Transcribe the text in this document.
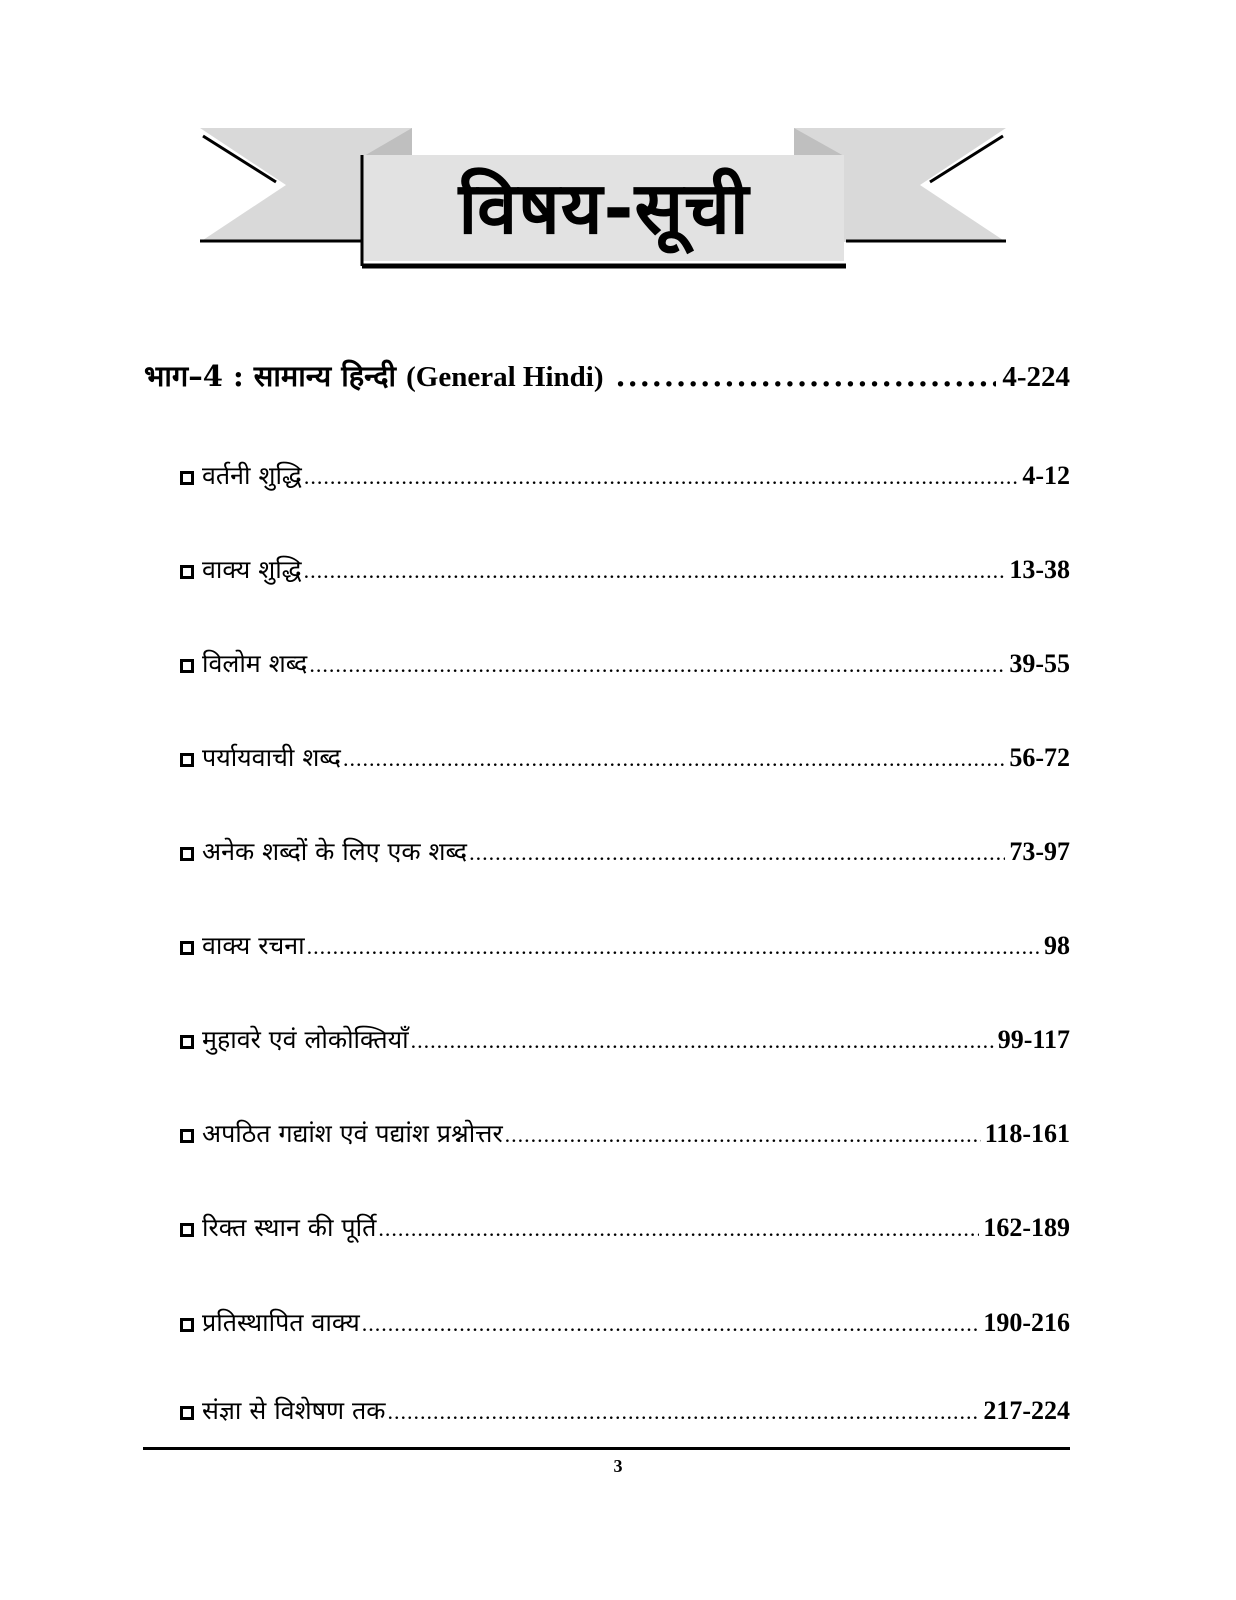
विषय-सूची
भाग–4 : सामान्य हिन्दी (General Hindi) .....	4-224
वर्तनी शुद्धि .....	4-12
वाक्य शुद्धि .....	13-38
विलोम शब्द .....	39-55
पर्यायवाची शब्द .....	56-72
अनेक शब्दों के लिए एक शब्द .....	73-97
वाक्य रचना .....	98
मुहावरे एवं लोकोक्तियाँ .....	99-117
अपठित गद्यांश एवं पद्यांश प्रश्नोत्तर .....	118-161
रिक्त स्थान की पूर्ति .....	162-189
प्रतिस्थापित वाक्य .....	190-216
संज्ञा से विशेषण तक .....	217-224
3
